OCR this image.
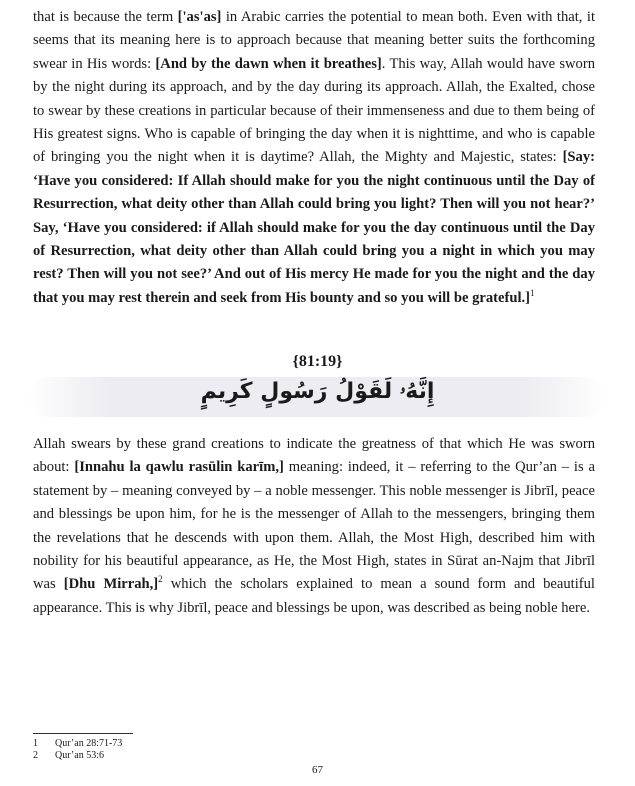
that is because the term ['as'as] in Arabic carries the potential to mean both. Even with that, it seems that its meaning here is to approach because that meaning better suits the forthcoming swear in His words: [And by the dawn when it breathes]. This way, Allah would have sworn by the night during its approach, and by the day during its approach. Allah, the Exalted, chose to swear by these creations in particular because of their immenseness and due to them being of His greatest signs. Who is capable of bringing the day when it is nighttime, and who is capable of bringing you the night when it is daytime? Allah, the Mighty and Majestic, states: [Say: ‘Have you considered: If Allah should make for you the night continuous until the Day of Resurrection, what deity other than Allah could bring you light? Then will you not hear?’ Say, ‘Have you considered: if Allah should make for you the day continuous until the Day of Resurrection, what deity other than Allah could bring you a night in which you may rest? Then will you not see?’ And out of His mercy He made for you the night and the day that you may rest therein and seek from His bounty and so you will be grateful.]$^1$

{81:19}
إِنَّهُۥ لَقَوْلُ رَسُولٍ كَرِيمٍ

Allah swears by these grand creations to indicate the greatness of that which He was sworn about: [Innahu la qawlu rasūlin karīm,] meaning: indeed, it – referring to the Qur’an – is a statement by – meaning conveyed by – a noble messenger. This noble messenger is Jibrīl, peace and blessings be upon him, for he is the messenger of Allah to the messengers, bringing them the revelations that he descends with upon them. Allah, the Most High, described him with nobility for his beautiful appearance, as He, the Most High, states in Sūrat an-Najm that Jibrīl was [Dhu Mirrah,]$^2$ which the scholars explained to mean a sound form and beautiful appearance. This is why Jibrīl, peace and blessings be upon, was described as being noble here.

1 Qur’an 28:71-73
2 Qur’an 53:6
67
